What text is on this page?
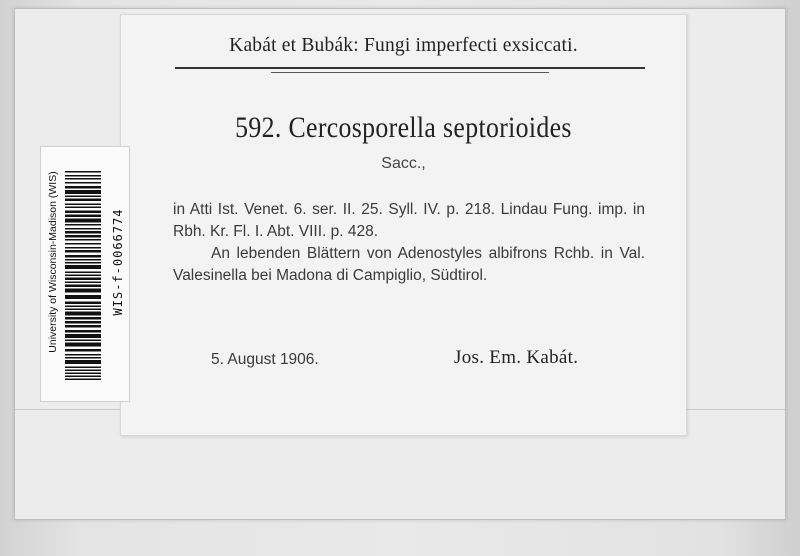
Kabát et Bubák: Fungi imperfecti exsiccati.
592. Cercosporella septorioides
Sacc.,

in Atti Ist. Venet. 6. ser. II. 25. Syll. IV. p. 218. Lindau Fung. imp. in Rbh. Kr. Fl. I. Abt. VIII. p. 428.

An lebenden Blättern von Adenostyles albifrons Rchb. in Val. Valesinella bei Madona di Campiglio, Südtirol.

5. August 1906.	Jos. Em. Kabát.
University of Wisconsin-Madison (WIS)	WIS-f-0066774
